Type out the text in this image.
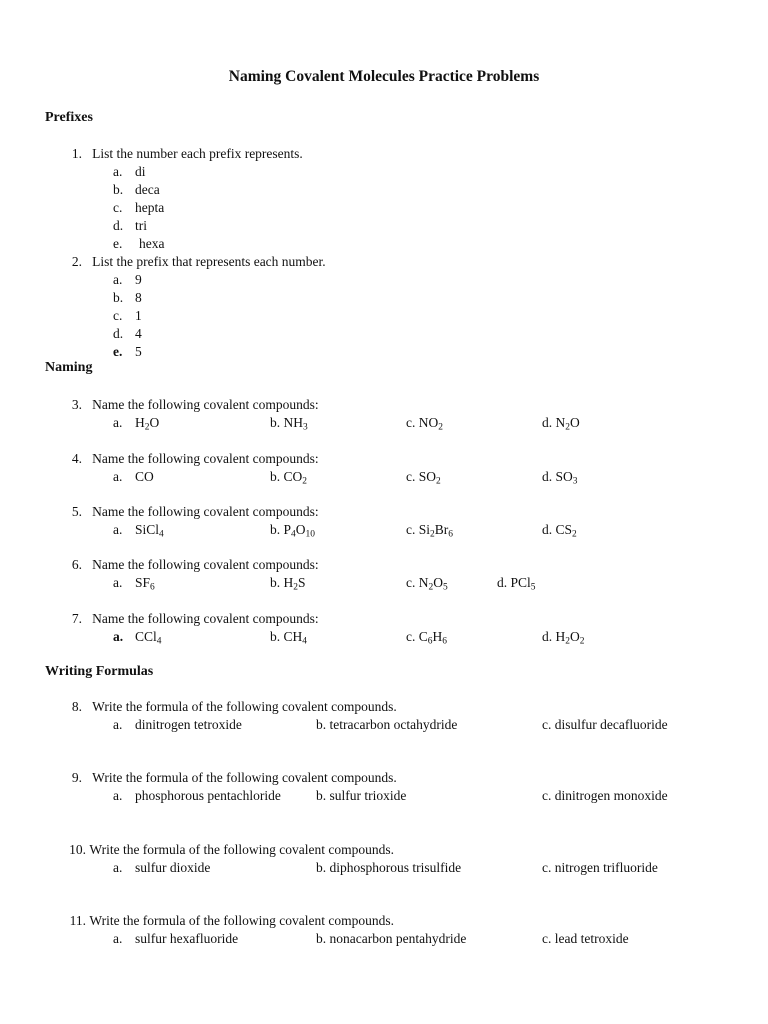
Naming Covalent Molecules Practice Problems
Prefixes
1. List the number each prefix represents.
a. di
b. deca
c. hepta
d. tri
e. hexa
2. List the prefix that represents each number.
a. 9
b. 8
c. 1
d. 4
e. 5
Naming
3. Name the following covalent compounds:
a. $H_2O$	b. $NH_3$	c. $NO_2$	d. $N_2O$
4. Name the following covalent compounds:
a. CO	b. $CO_2$	c. $SO_2$	d. $SO_3$
5. Name the following covalent compounds:
a. SiCl$_4$	b. $P_4O_{10}$	c. $Si_2Br_6$	d. $CS_2$
6. Name the following covalent compounds:
a. $SF_6$	b. $H_2S$	c. $N_2O_5$	d. PCl$_5$
7. Name the following covalent compounds:
a. CCl$_4$	b. $CH_4$	c. $C_6H_6$	d. $H_2O_2$
Writing Formulas
8. Write the formula of the following covalent compounds.
a. dinitrogen tetroxide	b. tetracarbon octahydride	c. disulfur decafluoride
9. Write the formula of the following covalent compounds.
a. phosphorous pentachloride	b. sulfur trioxide	c. dinitrogen monoxide
10. Write the formula of the following covalent compounds.
a. sulfur dioxide	b. diphosphorous trisulfide	c. nitrogen trifluoride
11. Write the formula of the following covalent compounds.
a. sulfur hexafluoride	b. nonacarbon pentahydride	c. lead tetroxide
